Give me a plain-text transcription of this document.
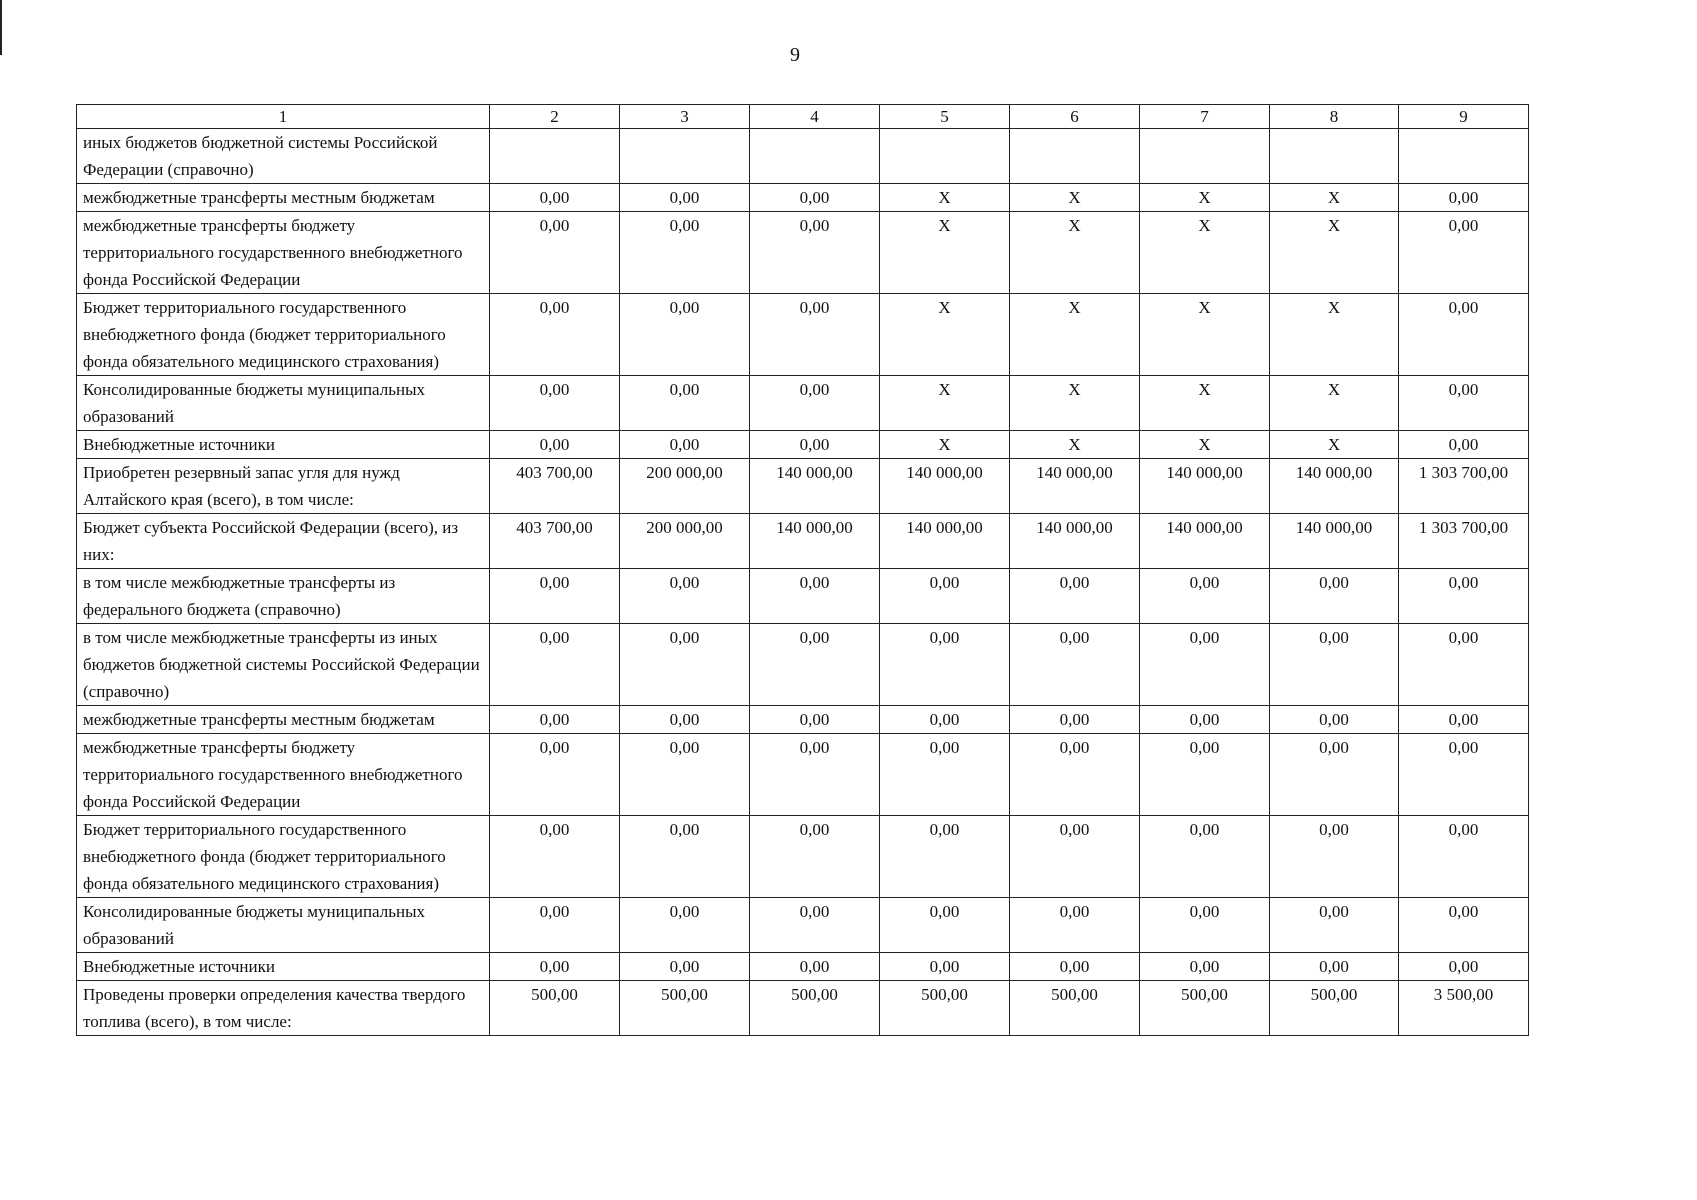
9
1	2	3	4	5	6	7	8	9
иных бюджетов бюджетной системы Российской Федерации (справочно)								
межбюджетные трансферты местным бюджетам	0,00	0,00	0,00	X	X	X	X	0,00
межбюджетные трансферты бюджету территориального государственного внебюджетного фонда Российской Федерации	0,00	0,00	0,00	X	X	X	X	0,00
Бюджет территориального государственного внебюджетного фонда (бюджет территориального фонда обязательного медицинского страхования)	0,00	0,00	0,00	X	X	X	X	0,00
Консолидированные бюджеты муниципальных образований	0,00	0,00	0,00	X	X	X	X	0,00
Внебюджетные источники	0,00	0,00	0,00	X	X	X	X	0,00
Приобретен резервный запас угля для нужд Алтайского края (всего), в том числе:	403 700,00	200 000,00	140 000,00	140 000,00	140 000,00	140 000,00	140 000,00	1 303 700,00
Бюджет субъекта Российской Федерации (всего), из них:	403 700,00	200 000,00	140 000,00	140 000,00	140 000,00	140 000,00	140 000,00	1 303 700,00
в том числе межбюджетные трансферты из федерального бюджета (справочно)	0,00	0,00	0,00	0,00	0,00	0,00	0,00	0,00
в том числе межбюджетные трансферты из иных бюджетов бюджетной системы Российской Федерации (справочно)	0,00	0,00	0,00	0,00	0,00	0,00	0,00	0,00
межбюджетные трансферты местным бюджетам	0,00	0,00	0,00	0,00	0,00	0,00	0,00	0,00
межбюджетные трансферты бюджету территориального государственного внебюджетного фонда Российской Федерации	0,00	0,00	0,00	0,00	0,00	0,00	0,00	0,00
Бюджет территориального государственного внебюджетного фонда (бюджет территориального фонда обязательного медицинского страхования)	0,00	0,00	0,00	0,00	0,00	0,00	0,00	0,00
Консолидированные бюджеты муниципальных образований	0,00	0,00	0,00	0,00	0,00	0,00	0,00	0,00
Внебюджетные источники	0,00	0,00	0,00	0,00	0,00	0,00	0,00	0,00
Проведены проверки определения качества твердого топлива (всего), в том числе:	500,00	500,00	500,00	500,00	500,00	500,00	500,00	3 500,00
